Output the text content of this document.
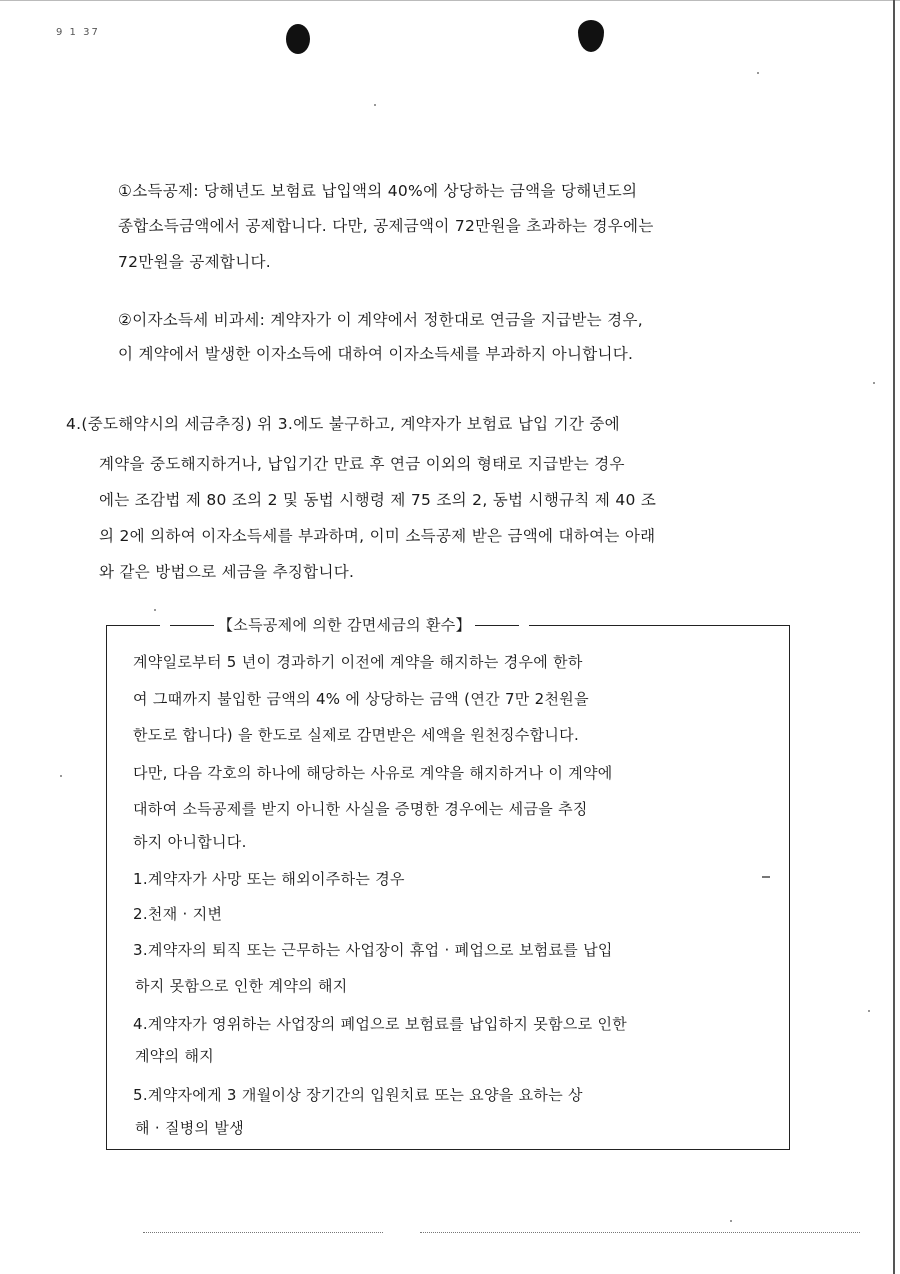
9 1 37
①소득공제: 당해년도 보험료 납입액의 40%에 상당하는 금액을 당해년도의
종합소득금액에서 공제합니다. 다만, 공제금액이 72만원을 초과하는 경우에는
72만원을 공제합니다.
②이자소득세 비과세: 계약자가 이 계약에서 정한대로 연금을 지급받는 경우,
이 계약에서 발생한 이자소득에 대하여 이자소득세를 부과하지 아니합니다.
4.(중도해약시의 세금추징) 위 3.에도 불구하고, 계약자가 보험료 납입 기간 중에
계약을 중도해지하거나, 납입기간 만료 후 연금 이외의 형태로 지급받는 경우
에는 조감법 제 80 조의 2 및 동법 시행령 제 75 조의 2, 동법 시행규칙 제 40 조
의 2에 의하여 이자소득세를 부과하며, 이미 소득공제 받은 금액에 대하여는 아래
와 같은 방법으로 세금을 추징합니다.
【소득공제에 의한 감면세금의 환수】
계약일로부터 5 년이 경과하기 이전에 계약을 해지하는 경우에 한하
여 그때까지 불입한 금액의 4% 에 상당하는 금액 (연간 7만 2천원을
한도로 합니다) 을 한도로 실제로 감면받은 세액을 원천징수합니다.
다만, 다음 각호의 하나에 해당하는 사유로 계약을 해지하거나 이 계약에
대하여 소득공제를 받지 아니한 사실을 증명한 경우에는 세금을 추징
하지 아니합니다.
1.계약자가 사망 또는 해외이주하는 경우
2.천재 · 지변
3.계약자의 퇴직 또는 근무하는 사업장이 휴업 · 폐업으로 보험료를 납입
하지 못함으로 인한 계약의 해지
4.계약자가 영위하는 사업장의 폐업으로 보험료를 납입하지 못함으로 인한
계약의 해지
5.계약자에게 3 개월이상 장기간의 입원치료 또는 요양을 요하는 상
해 · 질병의 발생
